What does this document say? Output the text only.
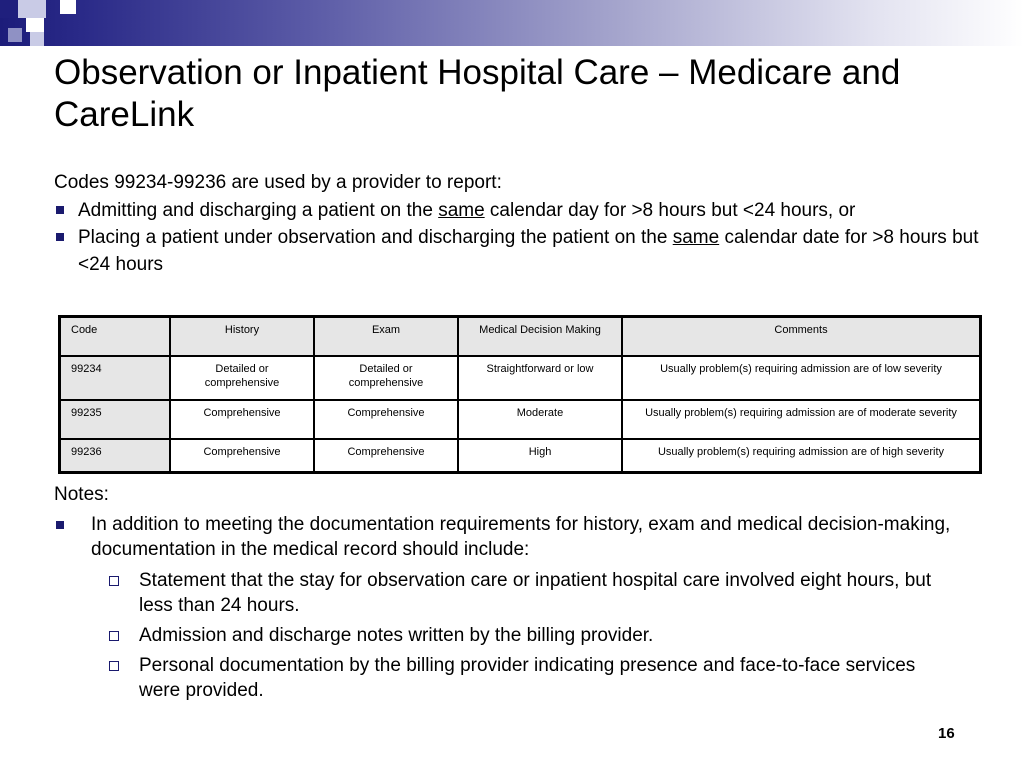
Observation or Inpatient Hospital Care – Medicare and CareLink
Codes 99234-99236 are used by a provider to report:
Admitting and discharging a patient on the same calendar day for >8 hours but <24 hours, or
Placing a patient under observation and discharging the patient on the same calendar date for >8 hours but <24 hours
Code	History	Exam	Medical Decision Making	Comments
99234	Detailed or comprehensive	Detailed or comprehensive	Straightforward or low	Usually problem(s) requiring admission are of low severity
99235	Comprehensive	Comprehensive	Moderate	Usually problem(s) requiring admission are of moderate severity
99236	Comprehensive	Comprehensive	High	Usually problem(s) requiring admission are of high severity
Notes:
In addition to meeting the documentation requirements for history, exam and medical decision-making, documentation in the medical record should include:
Statement that the stay for observation care or inpatient hospital care involved eight hours, but less than 24 hours.
Admission and discharge notes written by the billing provider.
Personal documentation by the billing provider indicating presence and face-to-face services were provided.
16
